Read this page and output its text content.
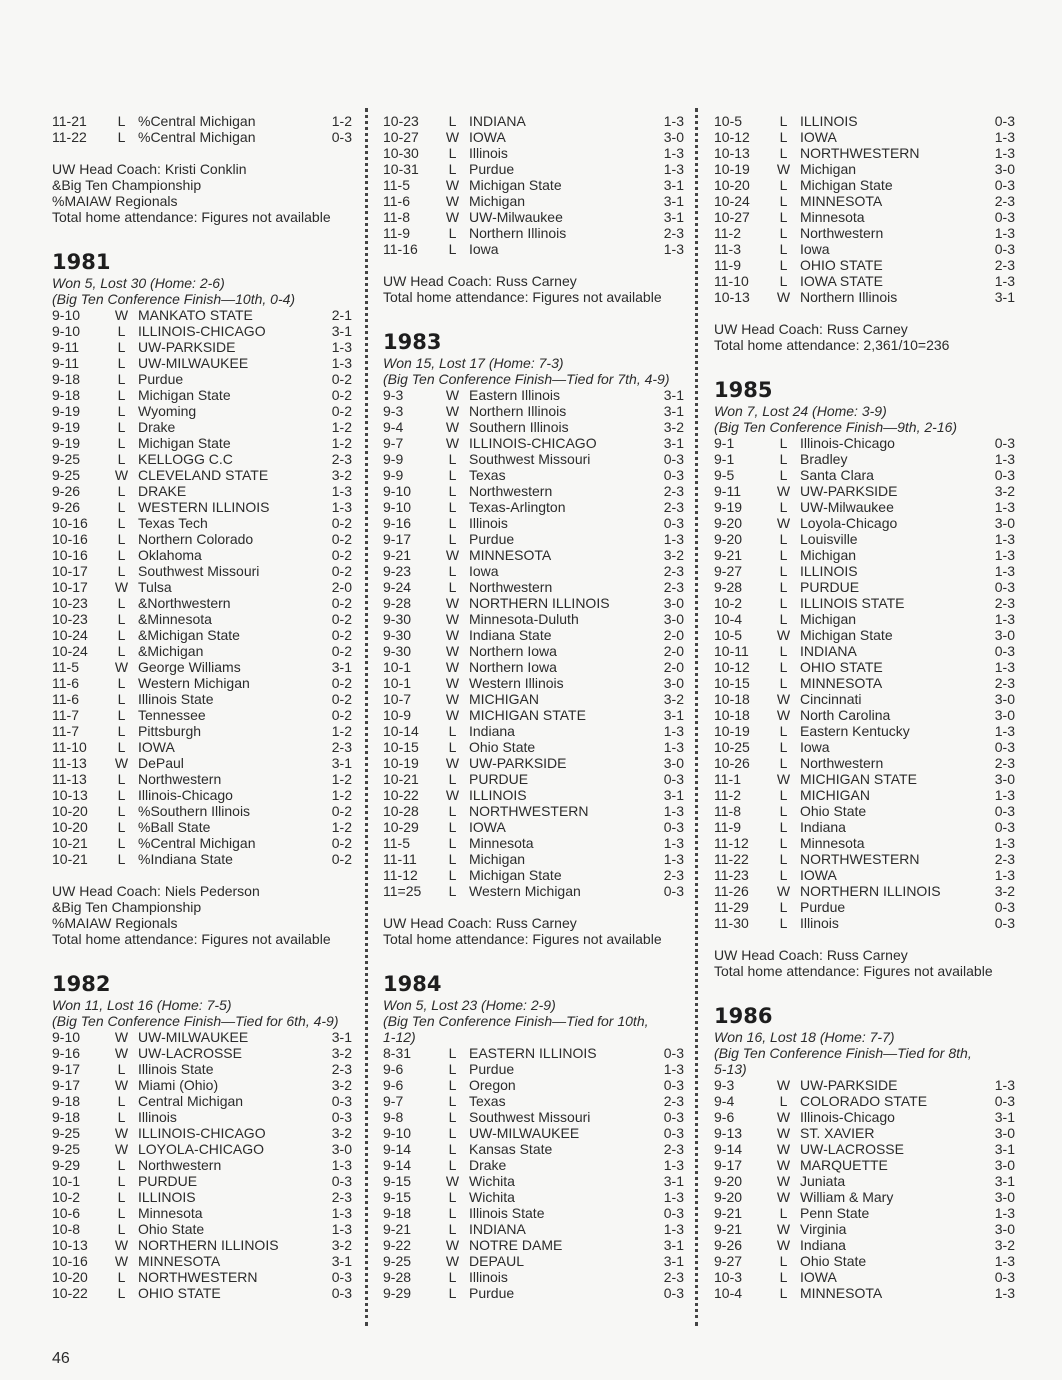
11-21	L %Central Michigan	1-2
11-22	L %Central Michigan	0-3
UW Head Coach: Kristi Conklin
&Big Ten Championship
%MAIAW Regionals
Total home attendance: Figures not available
1981
Won 5, Lost 30 (Home: 2-6)
(Big Ten Conference Finish—10th, 0-4)
9-10	W MANKATO STATE	2-1
9-10	L ILLINOIS-CHICAGO	3-1
9-11	L UW-PARKSIDE	1-3
9-11	L UW-MILWAUKEE	1-3
9-18	L Purdue	0-2
9-18	L Michigan State	0-2
9-19	L Wyoming	0-2
9-19	L Drake	1-2
9-19	L Michigan State	1-2
9-25	L KELLOGG C.C	2-3
9-25	W CLEVELAND STATE	3-2
9-26	L DRAKE	1-3
9-26	L WESTERN ILLINOIS	1-3
10-16	L Texas Tech	0-2
10-16	L Northern Colorado	0-2
10-16	L Oklahoma	0-2
10-17	L Southwest Missouri	0-2
10-17	W Tulsa	2-0
10-23	L &Northwestern	0-2
10-23	L &Minnesota	0-2
10-24	L &Michigan State	0-2
10-24	L &Michigan	0-2
11-5	W George Williams	3-1
11-6	L Western Michigan	0-2
11-6	L Illinois State	0-2
11-7	L Tennessee	0-2
11-7	L Pittsburgh	1-2
11-10	L IOWA	2-3
11-13	W DePaul	3-1
11-13	L Northwestern	1-2
10-13	L Illinois-Chicago	1-2
10-20	L %Southern Illinois	0-2
10-20	L %Ball State	1-2
10-21	L %Central Michigan	0-2
10-21	L %Indiana State	0-2
UW Head Coach: Niels Pederson
&Big Ten Championship
%MAIAW Regionals
Total home attendance: Figures not available
1982
Won 11, Lost 16 (Home: 7-5)
(Big Ten Conference Finish—Tied for 6th, 4-9)
9-10	W UW-MILWAUKEE	3-1
9-16	W UW-LACROSSE	3-2
9-17	L Illinois State	2-3
9-17	W Miami (Ohio)	3-2
9-18	L Central Michigan	0-3
9-18	L Illinois	0-3
9-25	W ILLINOIS-CHICAGO	3-2
9-25	W LOYOLA-CHICAGO	3-0
9-29	L Northwestern	1-3
10-1	L PURDUE	0-3
10-2	L ILLINOIS	2-3
10-6	L Minnesota	1-3
10-8	L Ohio State	1-3
10-13	W NORTHERN ILLINOIS	3-2
10-16	W MINNESOTA	3-1
10-20	L NORTHWESTERN	0-3
10-22	L OHIO STATE	0-3
10-23	L INDIANA	1-3
10-27	W IOWA	3-0
10-30	L Illinois	1-3
10-31	L Purdue	1-3
11-5	W Michigan State	3-1
11-6	W Michigan	3-1
11-8	W UW-Milwaukee	3-1
11-9	L Northern Illinois	2-3
11-16	L Iowa	1-3
UW Head Coach: Russ Carney
Total home attendance: Figures not available
1983
Won 15, Lost 17 (Home: 7-3)
(Big Ten Conference Finish—Tied for 7th, 4-9)
9-3	W Eastern Illinois	3-1
9-3	W Northern Illinois	3-1
9-4	W Southern Illinois	3-2
9-7	W ILLINOIS-CHICAGO	3-1
9-9	L Southwest Missouri	0-3
9-9	L Texas	0-3
9-10	L Northwestern	2-3
9-10	L Texas-Arlington	2-3
9-16	L Illinois	0-3
9-17	L Purdue	1-3
9-21	W MINNESOTA	3-2
9-23	L Iowa	2-3
9-24	L Northwestern	2-3
9-28	W NORTHERN ILLINOIS	3-0
9-30	W Minnesota-Duluth	3-0
9-30	W Indiana State	2-0
9-30	W Northern Iowa	2-0
10-1	W Northern Iowa	2-0
10-1	W Western Illinois	3-0
10-7	W MICHIGAN	3-2
10-9	W MICHIGAN STATE	3-1
10-14	L Indiana	1-3
10-15	L Ohio State	1-3
10-19	W UW-PARKSIDE	3-0
10-21	L PURDUE	0-3
10-22	W ILLINOIS	3-1
10-28	L NORTHWESTERN	1-3
10-29	L IOWA	0-3
11-5	L Minnesota	1-3
11-11	L Michigan	1-3
11-12	L Michigan State	2-3
11=25	L Western Michigan	0-3
UW Head Coach: Russ Carney
Total home attendance: Figures not available
1984
Won 5, Lost 23 (Home: 2-9)
(Big Ten Conference Finish—Tied for 10th,
1-12)
8-31	L EASTERN ILLINOIS	0-3
9-6	L Purdue	1-3
9-6	L Oregon	0-3
9-7	L Texas	2-3
9-8	L Southwest Missouri	0-3
9-10	L UW-MILWAUKEE	0-3
9-14	L Kansas State	2-3
9-14	L Drake	1-3
9-15	W Wichita	3-1
9-15	L Wichita	1-3
9-18	L Illinois State	0-3
9-21	L INDIANA	1-3
9-22	W NOTRE DAME	3-1
9-25	W DEPAUL	3-1
9-28	L Illinois	2-3
9-29	L Purdue	0-3
10-5	L ILLINOIS	0-3
10-12	L IOWA	1-3
10-13	L NORTHWESTERN	1-3
10-19	W Michigan	3-0
10-20	L Michigan State	0-3
10-24	L MINNESOTA	2-3
10-27	L Minnesota	0-3
11-2	L Northwestern	1-3
11-3	L Iowa	0-3
11-9	L OHIO STATE	2-3
11-10	L IOWA STATE	1-3
10-13	W Northern Illinois	3-1
UW Head Coach: Russ Carney
Total home attendance: 2,361/10=236
1985
Won 7, Lost 24 (Home: 3-9)
(Big Ten Conference Finish—9th, 2-16)
9-1	L Illinois-Chicago	0-3
9-1	L Bradley	1-3
9-5	L Santa Clara	0-3
9-11	W UW-PARKSIDE	3-2
9-19	L UW-Milwaukee	1-3
9-20	W Loyola-Chicago	3-0
9-20	L Louisville	1-3
9-21	L Michigan	1-3
9-27	L ILLINOIS	1-3
9-28	L PURDUE	0-3
10-2	L ILLINOIS STATE	2-3
10-4	L Michigan	1-3
10-5	W Michigan State	3-0
10-11	L INDIANA	0-3
10-12	L OHIO STATE	1-3
10-15	L MINNESOTA	2-3
10-18	W Cincinnati	3-0
10-18	W North Carolina	3-0
10-19	L Eastern Kentucky	1-3
10-25	L Iowa	0-3
10-26	L Northwestern	2-3
11-1	W MICHIGAN STATE	3-0
11-2	L MICHIGAN	1-3
11-8	L Ohio State	0-3
11-9	L Indiana	0-3
11-12	L Minnesota	1-3
11-22	L NORTHWESTERN	2-3
11-23	L IOWA	1-3
11-26	W NORTHERN ILLINOIS	3-2
11-29	L Purdue	0-3
11-30	L Illinois	0-3
UW Head Coach: Russ Carney
Total home attendance: Figures not available
1986
Won 16, Lost 18 (Home: 7-7)
(Big Ten Conference Finish—Tied for 8th,
5-13)
9-3	W UW-PARKSIDE	1-3
9-4	L COLORADO STATE	0-3
9-6	W Illinois-Chicago	3-1
9-13	W ST. XAVIER	3-0
9-14	W UW-LACROSSE	3-1
9-17	W MARQUETTE	3-0
9-20	W Juniata	3-1
9-20	W William & Mary	3-0
9-21	L Penn State	1-3
9-21	W Virginia	3-0
9-26	W Indiana	3-2
9-27	L Ohio State	1-3
10-3	L IOWA	0-3
10-4	L MINNESOTA	1-3
46
